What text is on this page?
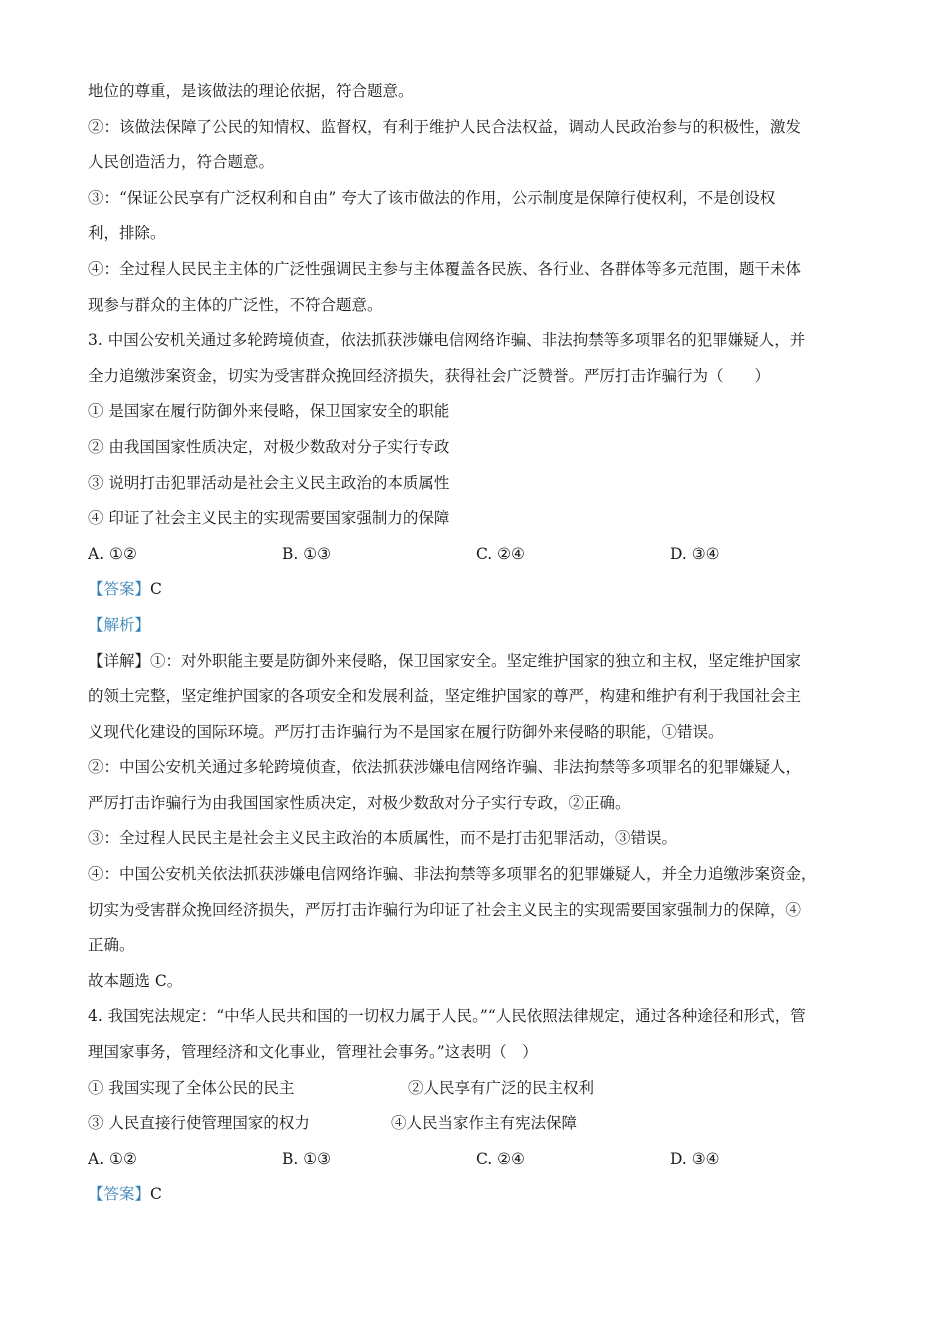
地位的尊重，是该做法的理论依据，符合题意。
②：该做法保障了公民的知情权、监督权，有利于维护人民合法权益，调动人民政治参与的积极性，激发
人民创造活力，符合题意。
③：“保证公民享有广泛权利和自由” 夸大了该市做法的作用，公示制度是保障行使权利，不是创设权
利，排除。
④：全过程人民民主主体的广泛性强调民主参与主体覆盖各民族、各行业、各群体等多元范围，题干未体
现参与群众的主体的广泛性，不符合题意。
3. 中国公安机关通过多轮跨境侦查，依法抓获涉嫌电信网络诈骗、非法拘禁等多项罪名的犯罪嫌疑人，并
全力追缴涉案资金，切实为受害群众挽回经济损失，获得社会广泛赞誉。严厉打击诈骗行为（　　）
① 是国家在履行防御外来侵略，保卫国家安全的职能
② 由我国国家性质决定，对极少数敌对分子实行专政
③ 说明打击犯罪活动是社会主义民主政治的本质属性
④ 印证了社会主义民主的实现需要国家强制力的保障
A. ①②	B. ①③	C. ②④	D. ③④
【答案】C
【解析】
【详解】①：对外职能主要是防御外来侵略，保卫国家安全。坚定维护国家的独立和主权，坚定维护国家
的领土完整，坚定维护国家的各项安全和发展利益，坚定维护国家的尊严，构建和维护有利于我国社会主
义现代化建设的国际环境。严厉打击诈骗行为不是国家在履行防御外来侵略的职能，①错误。
②：中国公安机关通过多轮跨境侦查，依法抓获涉嫌电信网络诈骗、非法拘禁等多项罪名的犯罪嫌疑人，
严厉打击诈骗行为由我国国家性质决定，对极少数敌对分子实行专政，②正确。
③：全过程人民民主是社会主义民主政治的本质属性，而不是打击犯罪活动，③错误。
④：中国公安机关依法抓获涉嫌电信网络诈骗、非法拘禁等多项罪名的犯罪嫌疑人，并全力追缴涉案资金，
切实为受害群众挽回经济损失，严厉打击诈骗行为印证了社会主义民主的实现需要国家强制力的保障，④
正确。
故本题选 C。
4. 我国宪法规定：“中华人民共和国的一切权力属于人民。”“人民依照法律规定，通过各种途径和形式，管
理国家事务，管理经济和文化事业，管理社会事务。”这表明（　）
① 我国实现了全体公民的民主	②人民享有广泛的民主权利
③ 人民直接行使管理国家的权力	④人民当家作主有宪法保障
A. ①②	B. ①③	C. ②④	D. ③④
【答案】C
